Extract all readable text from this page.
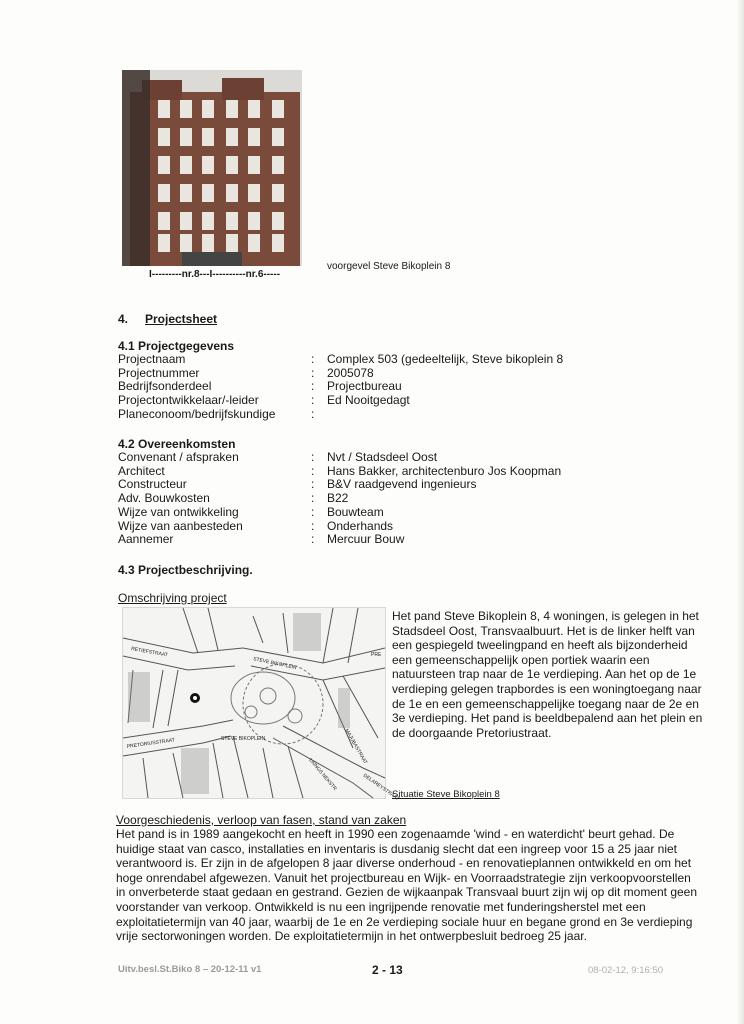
voorgevel Steve Bikoplein 8
I---------nr.8---I----------nr.6-----
4. Projectsheet
4.1 Projectgegevens
Projectnaam	: Complex 503 (gedeeltelijk, Steve bikoplein 8
Projectnummer	: 2005078
Bedrijfsonderdeel	: Projectbureau
Projectontwikkelaar/-leider	: Ed Nooitgedagt
Planeconoom/bedrijfskundige	:
4.2 Overeenkomsten
Convenant / afspraken	: Nvt / Stadsdeel Oost
Architect	: Hans Bakker, architectenburo Jos Koopman
Constructeur	: B&V raadgevend ingenieurs
Adv. Bouwkosten	: B22
Wijze van ontwikkeling	: Bouwteam
Wijze van aanbesteden	: Onderhands
Aannemer	: Mercuur Bouw
4.3 Projectbeschrijving.
Omschrijving project
RETIEFSTRAAT
STEVE BIKOPLEIN
PRE
STEVE BIKOPLEIN	MAJUBASTRAAT
PRETORIUSSTRAAT
LAINGS NEKSTR	DELAREYSTRAAT
Situatie Steve Bikoplein 8
Het pand Steve Bikoplein 8, 4 woningen, is gelegen in het
Stadsdeel Oost, Transvaalbuurt. Het is de linker helft van
een gespiegeld tweelingpand en heeft als bijzonderheid
een gemeenschappelijk open portiek waarin een
natuursteen trap naar de 1e verdieping. Aan het op de 1e
verdieping gelegen trapbordes is een woningtoegang naar
de 1e en een gemeenschappelijke toegang naar de 2e en
3e verdieping. Het pand is beeldbepalend aan het plein en
de doorgaande Pretoriustraat.
Voorgeschiedenis, verloop van fasen, stand van zaken
Het pand is in 1989 aangekocht en heeft in 1990 een zogenaamde 'wind - en waterdicht' beurt gehad. De
huidige staat van casco, installaties en inventaris is dusdanig slecht dat een ingreep voor 15 a 25 jaar niet
verantwoord is. Er zijn in de afgelopen 8 jaar diverse onderhoud - en renovatieplannen ontwikkeld en om het
hoge onrendabel afgewezen. Vanuit het projectbureau en Wijk- en Voorraadstrategie zijn verkoopvoorstellen
in onverbeterde staat gedaan en gestrand. Gezien de wijkaanpak Transvaal buurt zijn wij op dit moment geen
voorstander van verkoop. Ontwikkeld is nu een ingrijpende renovatie met funderingsherstel met een
exploitatietermijn van 40 jaar, waarbij de 1e en 2e verdieping sociale huur en begane grond en 3e verdieping
vrije sectorwoningen worden. De exploitatietermijn in het ontwerpbesluit bedroeg 25 jaar.
Uitv.besl.St.Biko 8 – 20-12-11 v1	2 - 13	08-02-12, 9:16:50
